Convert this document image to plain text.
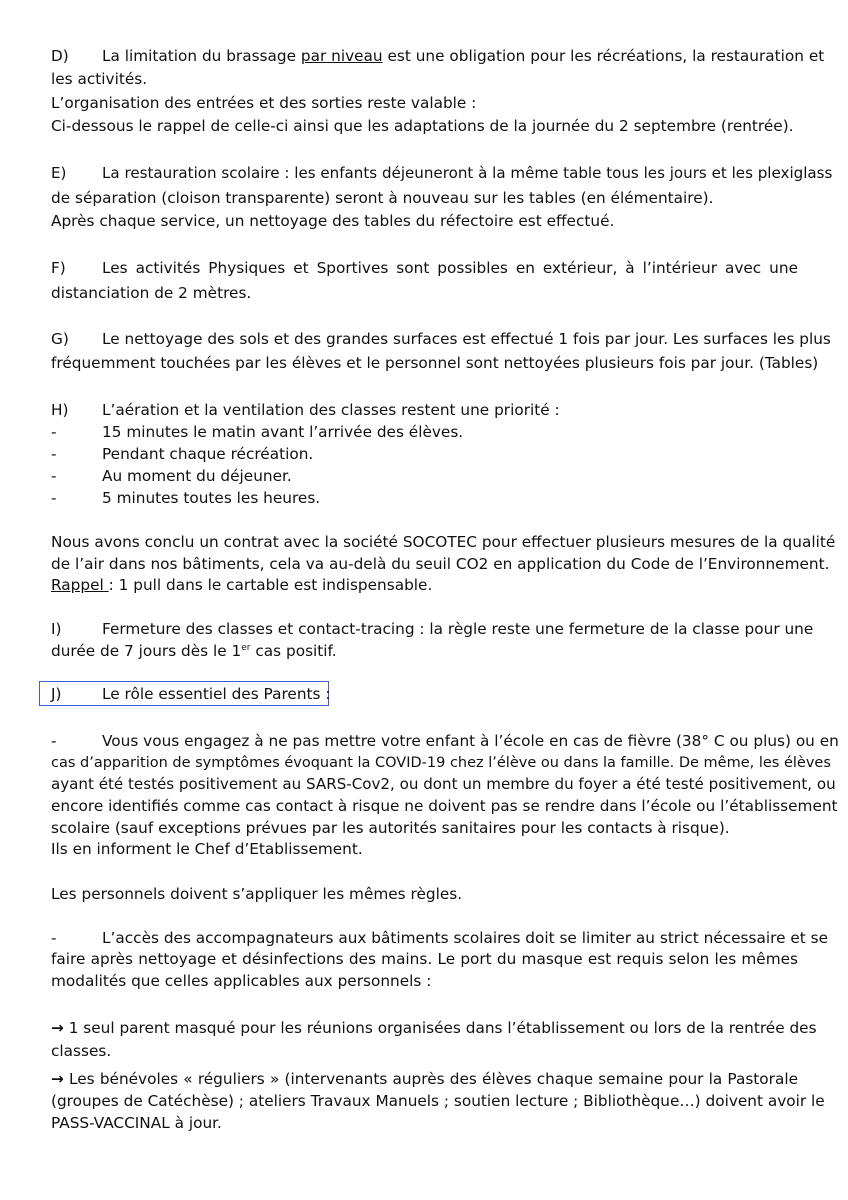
D) La limitation du brassage par niveau est une obligation pour les récréations, la restauration et
les activités.
L’organisation des entrées et des sorties reste valable :
Ci-dessous le rappel de celle-ci ainsi que les adaptations de la journée du 2 septembre (rentrée).
E) La restauration scolaire : les enfants déjeuneront à la même table tous les jours et les plexiglass
de séparation (cloison transparente) seront à nouveau sur les tables (en élémentaire).
Après chaque service, un nettoyage des tables du réfectoire est effectué.
F) Les activités Physiques et Sportives sont possibles en extérieur, à l’intérieur avec une
distanciation de 2 mètres.
G) Le nettoyage des sols et des grandes surfaces est effectué 1 fois par jour. Les surfaces les plus
fréquemment touchées par les élèves et le personnel sont nettoyées plusieurs fois par jour. (Tables)
H) L’aération et la ventilation des classes restent une priorité :
-	15 minutes le matin avant l’arrivée des élèves.
-	Pendant chaque récréation.
-	Au moment du déjeuner.
-	5 minutes toutes les heures.
Nous avons conclu un contrat avec la société SOCOTEC pour effectuer plusieurs mesures de la qualité
de l’air dans nos bâtiments, cela va au-delà du seuil CO2 en application du Code de l’Environnement.
Rappel : 1 pull dans le cartable est indispensable.
I)	Fermeture des classes et contact-tracing : la règle reste une fermeture de la classe pour une
durée de 7 jours dès le 1er cas positif.
J)	Le rôle essentiel des Parents :
-	Vous vous engagez à ne pas mettre votre enfant à l’école en cas de fièvre (38° C ou plus) ou en
cas d’apparition de symptômes évoquant la COVID-19 chez l’élève ou dans la famille. De même, les élèves
ayant été testés positivement au SARS-Cov2, ou dont un membre du foyer a été testé positivement, ou
encore identifiés comme cas contact à risque ne doivent pas se rendre dans l’école ou l’établissement
scolaire (sauf exceptions prévues par les autorités sanitaires pour les contacts à risque).
Ils en informent le Chef d’Etablissement.
Les personnels doivent s’appliquer les mêmes règles.
-	L’accès des accompagnateurs aux bâtiments scolaires doit se limiter au strict nécessaire et se
faire après nettoyage et désinfections des mains. Le port du masque est requis selon les mêmes
modalités que celles applicables aux personnels :
→ 1 seul parent masqué pour les réunions organisées dans l’établissement ou lors de la rentrée des
classes.
→ Les bénévoles « réguliers » (intervenants auprès des élèves chaque semaine pour la Pastorale
(groupes de Catéchèse) ; ateliers Travaux Manuels ; soutien lecture ; Bibliothèque…) doivent avoir le
PASS-VACCINAL à jour.
